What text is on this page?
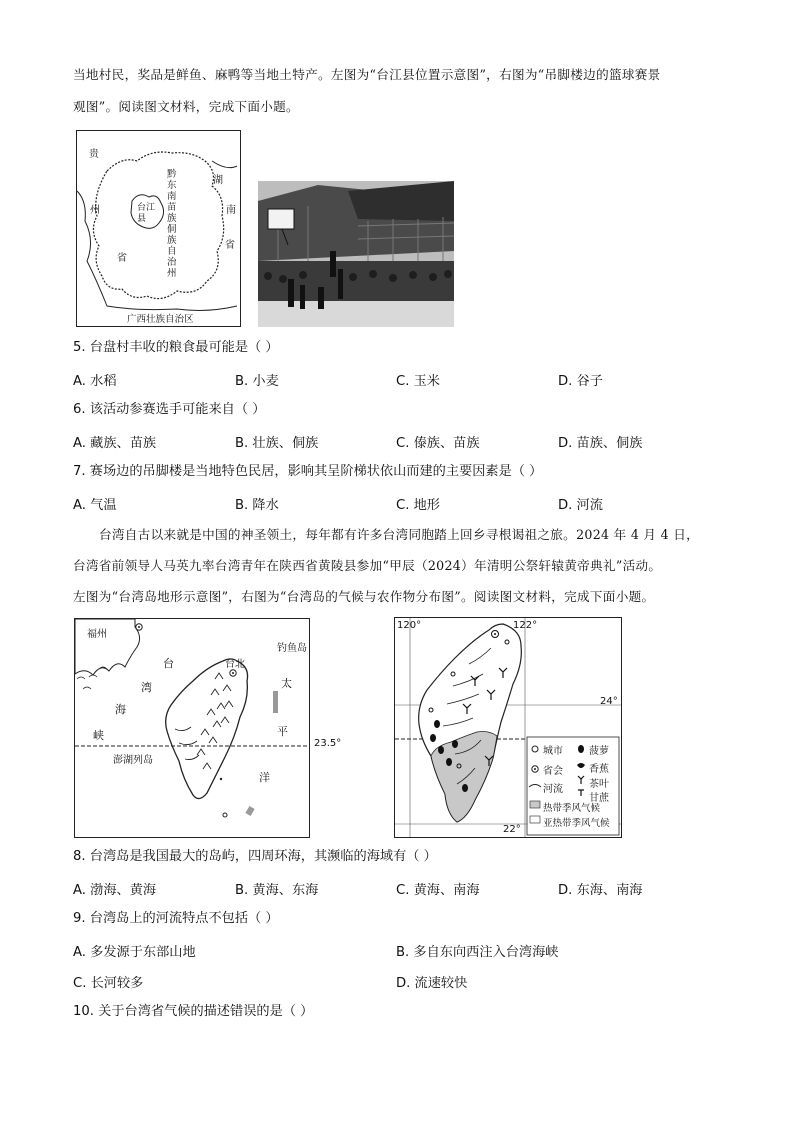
当地村民，奖品是鲜鱼、麻鸭等当地土特产。左图为“台江县位置示意图”，右图为“吊脚楼边的篮球赛景
观图”。阅读图文材料，完成下面小题。
贵
州
省
湖
南
省
黔东南苗族侗族自治州
台江县
广西壮族自治区
5. 台盘村丰收的粮食最可能是（ ）
A. 水稻	B. 小麦	C. 玉米	D. 谷子
6. 该活动参赛选手可能来自（ ）
A. 藏族、苗族	B. 壮族、侗族	C. 傣族、苗族	D. 苗族、侗族
7. 赛场边的吊脚楼是当地特色民居，影响其呈阶梯状依山而建的主要因素是（ ）
A. 气温	B. 降水	C. 地形	D. 河流
台湾自古以来就是中国的神圣领土，每年都有许多台湾同胞踏上回乡寻根谒祖之旅。2024 年 4 月 4 日，
台湾省前领导人马英九率台湾青年在陕西省黄陵县参加“甲辰（2024）年清明公祭轩辕黄帝典礼”活动。
左图为“台湾岛地形示意图”，右图为“台湾岛的气候与农作物分布图”。阅读图文材料，完成下面小题。
福州
台北
钓鱼岛
台
湾
海
峡
太
平
洋
澎湖列岛
23.5°
120°	122°
24°
22°
城市
省会
河流
菠萝
香蕉
茶叶
甘蔗
热带季风气候
亚热带季风气候
8. 台湾岛是我国最大的岛屿，四周环海，其濒临的海域有（ ）
A. 渤海、黄海	B. 黄海、东海	C. 黄海、南海	D. 东海、南海
9. 台湾岛上的河流特点不包括（ ）
A. 多发源于东部山地	B. 多自东向西注入台湾海峡
C. 长河较多	D. 流速较快
10. 关于台湾省气候的描述错误的是（ ）
